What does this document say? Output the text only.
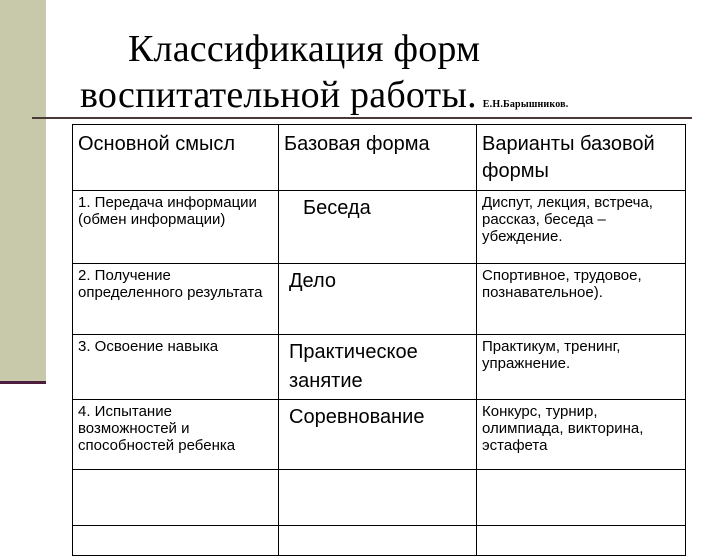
Классификация форм
воспитательной работы. Е.Н.Барышников.
Основной смысл	Базовая форма	Варианты базовой формы
1. Передача информации (обмен информации)	Беседа	Диспут, лекция, встреча, рассказ, беседа –убеждение.
2. Получение определенного результата	Дело	Спортивное, трудовое, познавательное).
3. Освоение навыка	Практическое занятие	Практикум, тренинг, упражнение.
4. Испытание возможностей и способностей ребенка	Соревнование	Конкурс, турнир, олимпиада, викторина, эстафета
